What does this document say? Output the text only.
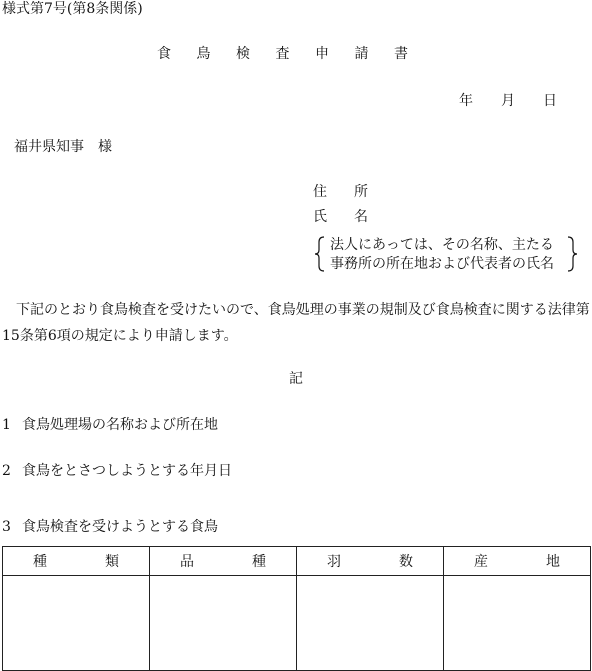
様式第7号(第8条関係)
食 鳥 検 査 申 請 書
年 月 日
福井県知事　様
住 所
氏 名
法人にあっては、その名称、主たる
事務所の所在地および代表者の氏名
下記のとおり食鳥検査を受けたいので、食鳥処理の事業の規制及び食鳥検査に関する法律第15条第6項の規定により申請します。
記
1 食鳥処理場の名称および所在地
2 食鳥をとさつしようとする年月日
3 食鳥検査を受けようとする食鳥
種 類	品 種	羽 数	産 地
